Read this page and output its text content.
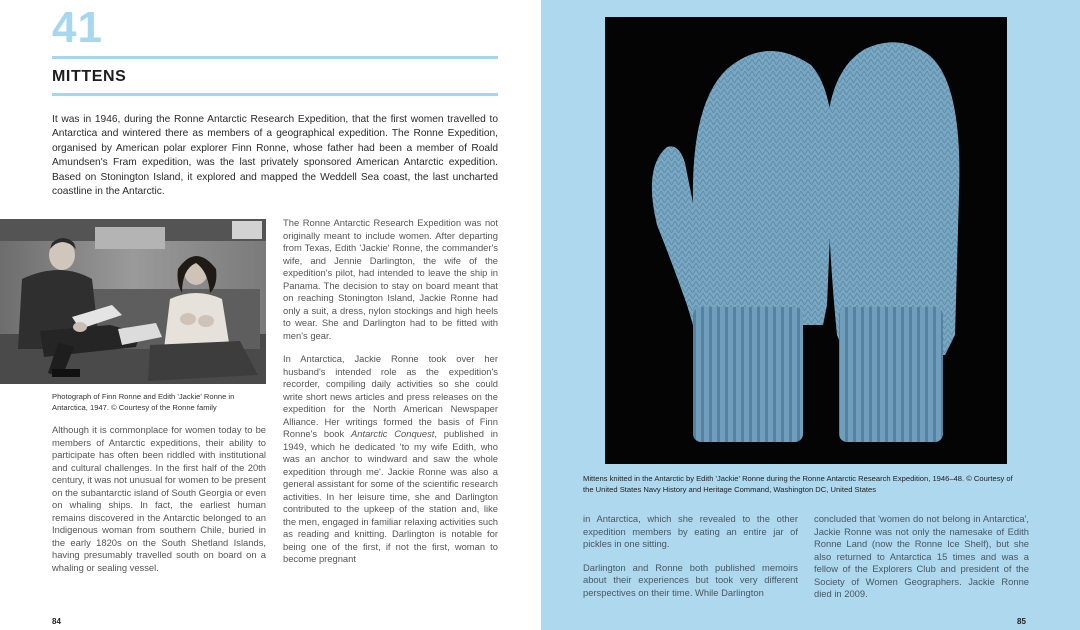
41
MITTENS

It was in 1946, during the Ronne Antarctic Research Expedition, that the first women travelled to Antarctica and wintered there as members of a geographical expedition. The Ronne Expedition, organised by American polar explorer Finn Ronne, whose father had been a member of Roald Amundsen's Fram expedition, was the last privately sponsored American Antarctic expedition. Based on Stonington Island, it explored and mapped the Weddell Sea coast, the last uncharted coastline in the Antarctic.

Photograph of Finn Ronne and Edith 'Jackie' Ronne in Antarctica, 1947. © Courtesy of the Ronne family

Although it is commonplace for women today to be members of Antarctic expeditions, their ability to participate has often been riddled with institutional and cultural challenges. In the first half of the 20th century, it was not unusual for women to be present on the subantarctic island of South Georgia or even on whaling ships. In fact, the earliest human remains discovered in the Antarctic belonged to an Indigenous woman from southern Chile, buried in the early 1820s on the South Shetland Islands, having presumably travelled south on board on a whaling or sealing vessel.

The Ronne Antarctic Research Expedition was not originally meant to include women. After departing from Texas, Edith 'Jackie' Ronne, the commander's wife, and Jennie Darlington, the wife of the expedition's pilot, had intended to leave the ship in Panama. The decision to stay on board meant that on reaching Stonington Island, Jackie Ronne had only a suit, a dress, nylon stockings and high heels to wear. She and Darlington had to be fitted with men's gear.

In Antarctica, Jackie Ronne took over her husband's intended role as the expedition's recorder, compiling daily activities so she could write short news articles and press releases on the expedition for the North American Newspaper Alliance. Her writings formed the basis of Finn Ronne's book Antarctic Conquest, published in 1949, which he dedicated 'to my wife Edith, who was an anchor to windward and saw the whole expedition through me'. Jackie Ronne was also a general assistant for some of the scientific research activities. In her leisure time, she and Darlington contributed to the upkeep of the station and, like the men, engaged in familiar relaxing activities such as reading and knitting. Darlington is notable for being one of the first, if not the first, woman to become pregnant

84

Mittens knitted in the Antarctic by Edith 'Jackie' Ronne during the Ronne Antarctic Research Expedition, 1946–48. © Courtesy of the United States Navy History and Heritage Command, Washington DC, United States

in Antarctica, which she revealed to the other expedition members by eating an entire jar of pickles in one sitting.

Darlington and Ronne both published memoirs about their experiences but took very different perspectives on their time. While Darlington

concluded that 'women do not belong in Antarctica', Jackie Ronne was not only the namesake of Edith Ronne Land (now the Ronne Ice Shelf), but she also returned to Antarctica 15 times and was a fellow of the Explorers Club and president of the Society of Women Geographers. Jackie Ronne died in 2009.

85
